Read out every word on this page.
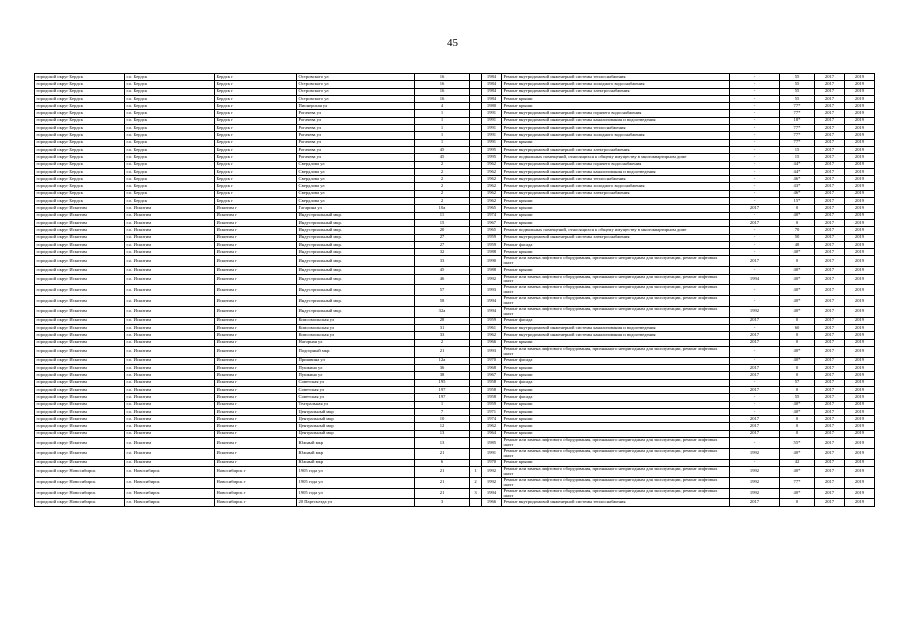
45
городской округ Бердск	г.о. Бердск	Бердск г	Островского ул	16		1984	Ремонт внутридомовой инженерной системы теплоснабжения	-	55	2017	2019
городской округ Бердск	г.о. Бердск	Бердск г	Островского ул	16		1984	Ремонт внутридомовой инженерной системы холодного водоснабжения	-	55	2017	2019
городской округ Бердск	г.о. Бердск	Бердск г	Островского ул	16		1984	Ремонт внутридомовой инженерной системы электроснабжения	-	55	2017	2019
городской округ Бердск	г.о. Бердск	Бердск г	Островского ул	16		1984	Ремонт крыши	-	55	2017	2019
городской округ Бердск	г.о. Бердск	Бердск г	Пионерская ул	4		1980	Ремонт крыши	-	77*	2017	2019
городской округ Бердск	г.о. Бердск	Бердск г	Рогачева ул	1		1991	Ремонт внутридомовой инженерной системы горячего водоснабжения	-	77*	2017	2019
городской округ Бердск	г.о. Бердск	Бердск г	Рогачева ул	1		1991	Ремонт внутридомовой инженерной системы канализования и водоотведения	-	18*	2017	2019
городской округ Бердск	г.о. Бердск	Бердск г	Рогачева ул	1		1991	Ремонт внутридомовой инженерной системы теплоснабжения	-	77*	2017	2019
городской округ Бердск	г.о. Бердск	Бердск г	Рогачева ул	1		1991	Ремонт внутридомовой инженерной системы холодного водоснабжения	-	77*	2017	2019
городской округ Бердск	г.о. Бердск	Бердск г	Рогачева ул	1		1991	Ремонт крыши	-	77*	2017	2019
городской округ Бердск	г.о. Бердск	Бердск г	Рогачева ул	45		1995	Ремонт внутридомовой инженерной системы электроснабжения	-	15	2017	2019
городской округ Бердск	г.о. Бердск	Бердск г	Рогачева ул	45		1995	Ремонт подвальных помещений, относящихся к общему имуществу в многоквартирном доме	-	15	2017	2019
городской округ Бердск	г.о. Бердск	Бердск г	Свердлова ул	2		1962	Ремонт внутридомовой инженерной системы горячего водоснабжения	-	44*	2017	2019
городской округ Бердск	г.о. Бердск	Бердск г	Свердлова ул	2		1962	Ремонт внутридомовой инженерной системы канализования и водоотведения	-	44*	2017	2019
городской округ Бердск	г.о. Бердск	Бердск г	Свердлова ул	2		1962	Ремонт внутридомовой инженерной системы теплоснабжения	-	46*	2017	2019
городской округ Бердск	г.о. Бердск	Бердск г	Свердлова ул	2		1962	Ремонт внутридомовой инженерной системы холодного водоснабжения	-	43*	2017	2019
городской округ Бердск	г.о. Бердск	Бердск г	Свердлова ул	2		1962	Ремонт внутридомовой инженерной системы электроснабжения	-	46*	2017	2019
городской округ Бердск	г.о. Бердск	Бердск г	Свердлова ул	2		1962	Ремонт крыши	-	15*	2017	2019
городской округ Искитим	г.о. Искитим	Искитим г	Гагарина ул	10а		1965	Ремонт крыши	2017	0	2017	2019
городской округ Искитим	г.о. Искитим	Искитим г	Индустриальный мкр.	11		1974	Ремонт крыши	-	40*	2017	2019
городской округ Искитим	г.о. Искитим	Искитим г	Индустриальный мкр.	15		1967	Ремонт крыши	2017	0	2017	2019
городской округ Искитим	г.о. Искитим	Искитим г	Индустриальный мкр.	20		1965	Ремонт подвальных помещений, относящихся к общему имуществу в многоквартирном доме	-	70	2017	2019
городской округ Искитим	г.о. Искитим	Искитим г	Индустриальный мкр.	27		1959	Ремонт внутридомовой инженерной системы электроснабжения	-	50	2017	2019
городской округ Искитим	г.о. Искитим	Искитим г	Индустриальный мкр.	27		1959	Ремонт фасада	-	48	2017	2019
городской округ Искитим	г.о. Искитим	Искитим г	Индустриальный мкр.	32		1988	Ремонт крыши	-	40*	2017	2019
городской округ Искитим	г.о. Искитим	Искитим г	Индустриальный мкр.	33		1990	Ремонт или замена лифтового оборудования, признанного непригодным для эксплуатации, ремонт лифтовых шахт	2017	0	2017	2019
городской округ Искитим	г.о. Искитим	Искитим г	Индустриальный мкр.	45		1988	Ремонт крыши	-	40*	2017	2019
городской округ Искитим	г.о. Искитим	Искитим г	Индустриальный мкр.	46		1992	Ремонт или замена лифтового оборудования, признанного непригодным для эксплуатации, ремонт лифтовых шахт	1994	40*	2017	2019
городской округ Искитим	г.о. Искитим	Искитим г	Индустриальный мкр.	57		1993	Ремонт или замена лифтового оборудования, признанного непригодным для эксплуатации, ремонт лифтовых шахт	-	40*	2017	2019
городской округ Искитим	г.о. Искитим	Искитим г	Индустриальный мкр.	58		1994	Ремонт или замена лифтового оборудования, признанного непригодным для эксплуатации, ремонт лифтовых шахт	-	40*	2017	2019
городской округ Искитим	г.о. Искитим	Искитим г	Индустриальный мкр.	32а		1994	Ремонт или замена лифтового оборудования, признанного непригодным для эксплуатации, ремонт лифтовых шахт	1992	40*	2017	2019
городской округ Искитим	г.о. Искитим	Искитим г	Комсомольская ул	28		1959	Ремонт фасада	2017	0	2017	2019
городской округ Искитим	г.о. Искитим	Искитим г	Комсомольская ул	31		1961	Ремонт внутридомовой инженерной системы канализования и водоотведения	-	60	2017	2019
городской округ Искитим	г.о. Искитим	Искитим г	Комсомольская ул	33		1962	Ремонт внутридомовой инженерной системы канализования и водоотведения	2017	0	2017	2019
городской округ Искитим	г.о. Искитим	Искитим г	Нагорная ул	2		1966	Ремонт крыши	2017	0	2017	2019
городской округ Искитим	г.о. Искитим	Искитим г	Подгорный мкр.	21		1993	Ремонт или замена лифтового оборудования, признанного непригодным для эксплуатации, ремонт лифтовых шахт	-	40*	2017	2019
городской округ Искитим	г.о. Искитим	Искитим г	Пришвина ул	12а		1970	Ремонт фасада	-	40*	2017	2019
городской округ Искитим	г.о. Искитим	Искитим г	Пушкина ул	36		1968	Ремонт крыши	2017	0	2017	2019
городской округ Искитим	г.о. Искитим	Искитим г	Пушкина ул	38		1967	Ремонт крыши	2017	0	2017	2019
городской округ Искитим	г.о. Искитим	Искитим г	Советская ул	195		1958	Ремонт фасада	-	57	2017	2019
городской округ Искитим	г.о. Искитим	Искитим г	Советская ул	197		1958	Ремонт крыши	2017	0	2017	2019
городской округ Искитим	г.о. Искитим	Искитим г	Советская ул	197		1958	Ремонт фасада	-	55	2017	2019
городской округ Искитим	г.о. Искитим	Искитим г	Театральная ул	1		1959	Ремонт крыши	-	40*	2017	2019
городской округ Искитим	г.о. Искитим	Искитим г	Центральный мкр	7		1971	Ремонт крыши	-	40*	2017	2019
городской округ Искитим	г.о. Искитим	Искитим г	Центральный мкр	10		1974	Ремонт крыши	2017	0	2017	2019
городской округ Искитим	г.о. Искитим	Искитим г	Центральный мкр	12		1962	Ремонт крыши	2017	0	2017	2019
городской округ Искитим	г.о. Искитим	Искитим г	Центральный мкр	13		1964	Ремонт крыши	2017	0	2017	2019
городской округ Искитим	г.о. Искитим	Искитим г	Южный мкр	13		1985	Ремонт или замена лифтового оборудования, признанного непригодным для эксплуатации, ремонт лифтовых шахт	-	55*	2017	2019
городской округ Искитим	г.о. Искитим	Искитим г	Южный мкр	21		1991	Ремонт или замена лифтового оборудования, признанного непригодным для эксплуатации, ремонт лифтовых шахт	1992	40*	2017	2019
городской округ Искитим	г.о. Искитим	Искитим г	Южный мкр	6		1970	Ремонт крыши	-	42	2017	2019
городской округ Новосибирск	г.о. Новосибирск	Новосибирск г	1905 года ул	21	1	1992	Ремонт или замена лифтового оборудования, признанного непригодным для эксплуатации, ремонт лифтовых шахт	1992	40*	2017	2019
городской округ Новосибирск	г.о. Новосибирск	Новосибирск г	1905 года ул	21	2	1992	Ремонт или замена лифтового оборудования, признанного непригодным для эксплуатации, ремонт лифтовых шахт	1992	77*	2017	2019
городской округ Новосибирск	г.о. Новосибирск	Новосибирск г	1905 года ул	21	3	1994	Ремонт или замена лифтового оборудования, признанного непригодным для эксплуатации, ремонт лифтовых шахт	1992	40*	2017	2019
городской округ Новосибирск	г.о. Новосибирск	Новосибирск г	20 Партсъезда ул	3		1966	Ремонт внутридомовой инженерной системы теплоснабжения	2017	0	2017	2019
